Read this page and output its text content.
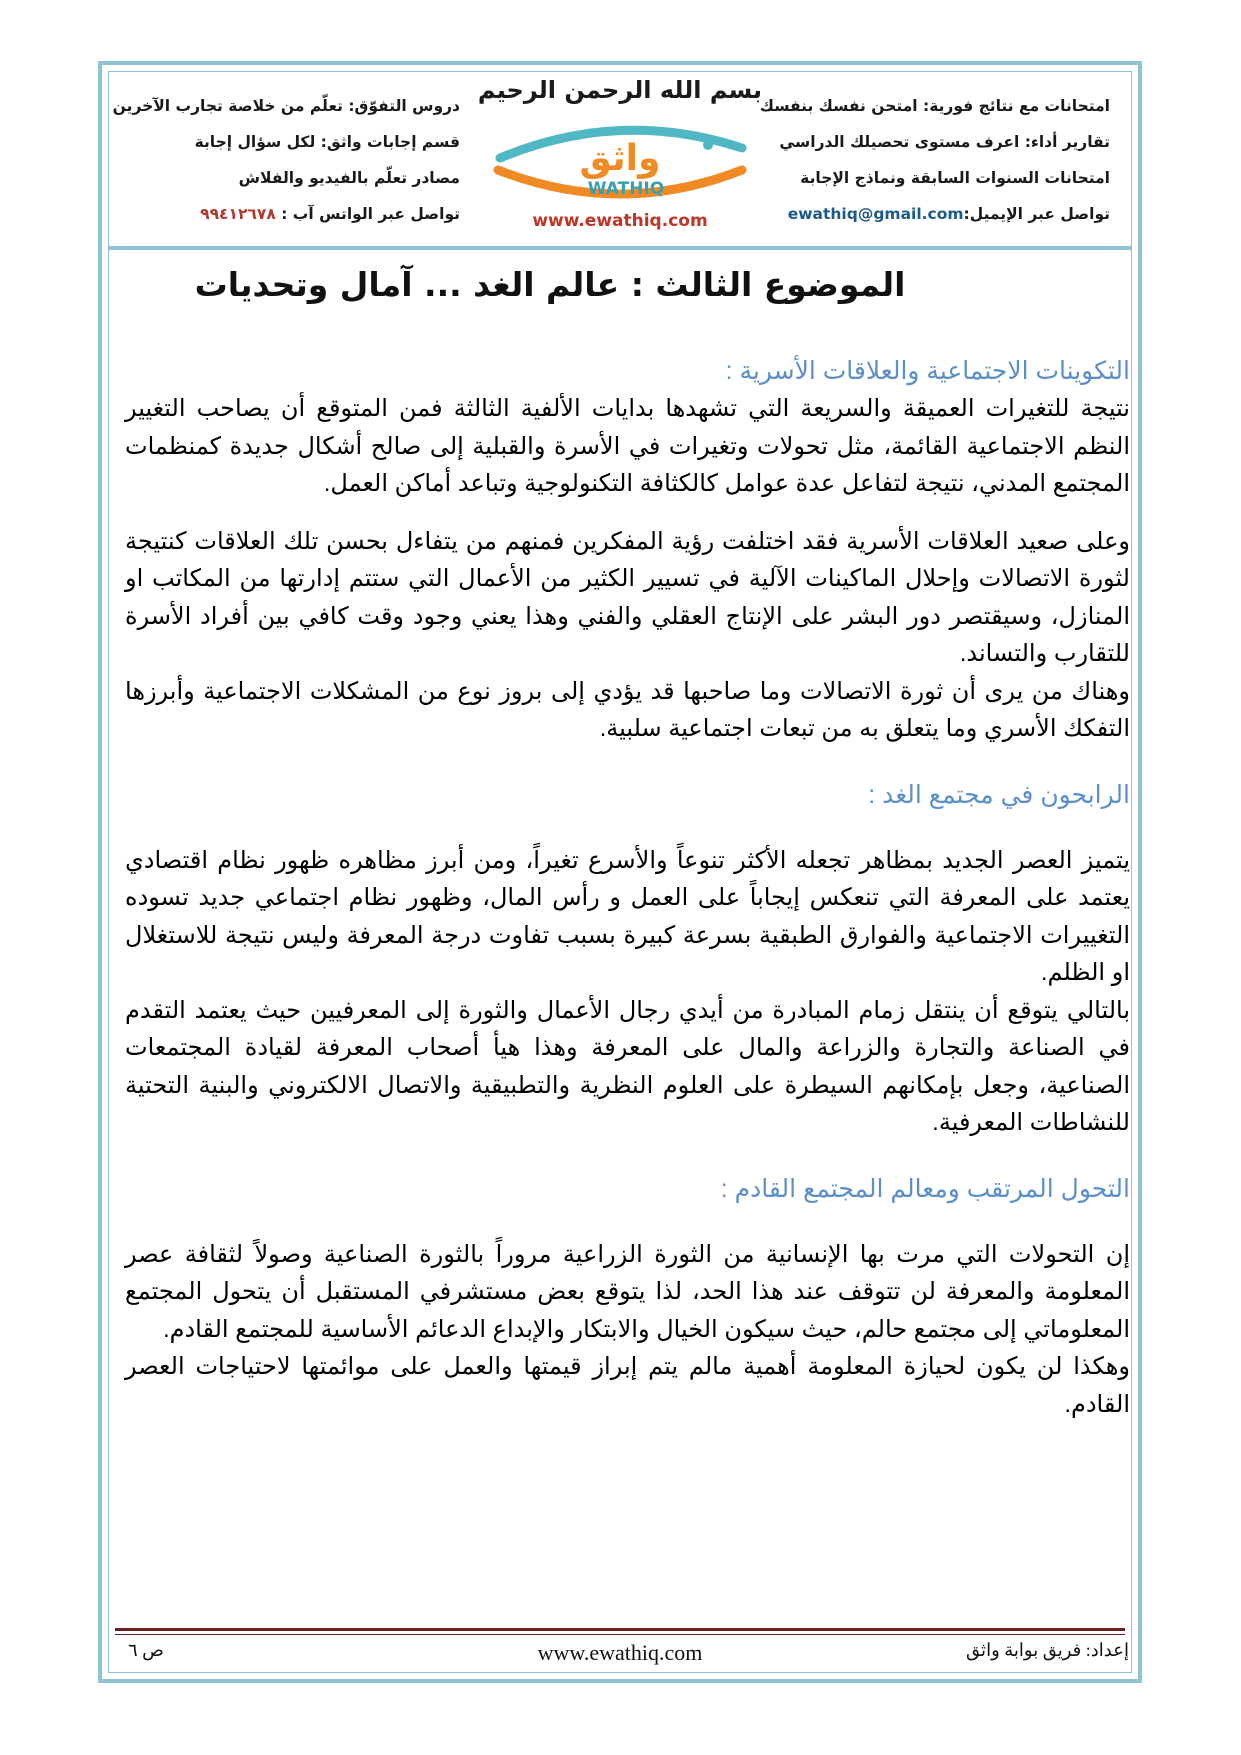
امتحانات مع نتائج فورية: امتحن نفسك بنفسك
تقارير أداء: اعرف مستوى تحصيلك الدراسي
امتحانات السنوات السابقة ونماذج الإجابة
تواصل عبر الإيميل:ewathiq@gmail.com
بسم الله الرحمن الرحيم
واثق
WATHIQ
www.ewathiq.com
دروس التفوّق: تعلّم من خلاصة تجارب الآخرين
قسم إجابات واثق: لكل سؤال إجابة
مصادر تعلّم بالفيديو والفلاش
تواصل عبر الواتس آب : ٩٩٤١٢٦٧٨
الموضوع الثالث : عالم الغد ... آمال وتحديات

التكوينات الاجتماعية والعلاقات الأسرية :

نتيجة للتغيرات العميقة والسريعة التي تشهدها بدايات الألفية الثالثة فمن المتوقع أن يصاحب التغيير النظم الاجتماعية القائمة، مثل تحولات وتغيرات في الأسرة والقبلية إلى صالح أشكال جديدة كمنظمات المجتمع المدني، نتيجة لتفاعل عدة عوامل كالكثافة التكنولوجية وتباعد أماكن العمل.

وعلى صعيد العلاقات الأسرية فقد اختلفت رؤية المفكرين فمنهم من يتفاءل بحسن تلك العلاقات كنتيجة لثورة الاتصالات وإحلال الماكينات الآلية في تسيير الكثير من الأعمال التي ستتم إدارتها من المكاتب او المنازل، وسيقتصر دور البشر على الإنتاج العقلي والفني وهذا يعني وجود وقت كافي بين أفراد الأسرة للتقارب والتساند.

وهناك من يرى أن ثورة الاتصالات وما صاحبها قد يؤدي إلى بروز نوع من المشكلات الاجتماعية وأبرزها التفكك الأسري وما يتعلق به من تبعات اجتماعية سلبية.

الرابحون في مجتمع الغد :

يتميز العصر الجديد بمظاهر تجعله الأكثر تنوعاً والأسرع تغيراً، ومن أبرز مظاهره ظهور نظام اقتصادي يعتمد على المعرفة التي تنعكس إيجاباً على العمل و رأس المال، وظهور نظام اجتماعي جديد تسوده التغييرات الاجتماعية والفوارق الطبقية بسرعة كبيرة بسبب تفاوت درجة المعرفة وليس نتيجة للاستغلال او الظلم.

بالتالي يتوقع أن ينتقل زمام المبادرة من أيدي رجال الأعمال والثورة إلى المعرفيين حيث يعتمد التقدم في الصناعة والتجارة والزراعة والمال على المعرفة وهذا هيأ أصحاب المعرفة لقيادة المجتمعات الصناعية، وجعل بإمكانهم السيطرة على العلوم النظرية والتطبيقية والاتصال الالكتروني والبنية التحتية للنشاطات المعرفية.

التحول المرتقب ومعالم المجتمع القادم :

إن التحولات التي مرت بها الإنسانية من الثورة الزراعية مروراً بالثورة الصناعية وصولاً لثقافة عصر المعلومة والمعرفة لن تتوقف عند هذا الحد، لذا يتوقع بعض مستشرفي المستقبل أن يتحول المجتمع المعلوماتي إلى مجتمع حالم، حيث سيكون الخيال والابتكار والإبداع الدعائم الأساسية للمجتمع القادم.

وهكذا لن يكون لحيازة المعلومة أهمية مالم يتم إبراز قيمتها والعمل على موائمتها لاحتياجات العصر القادم.

إعداد: فريق بوابة واثق
www.ewathiq.com
ص ٦
